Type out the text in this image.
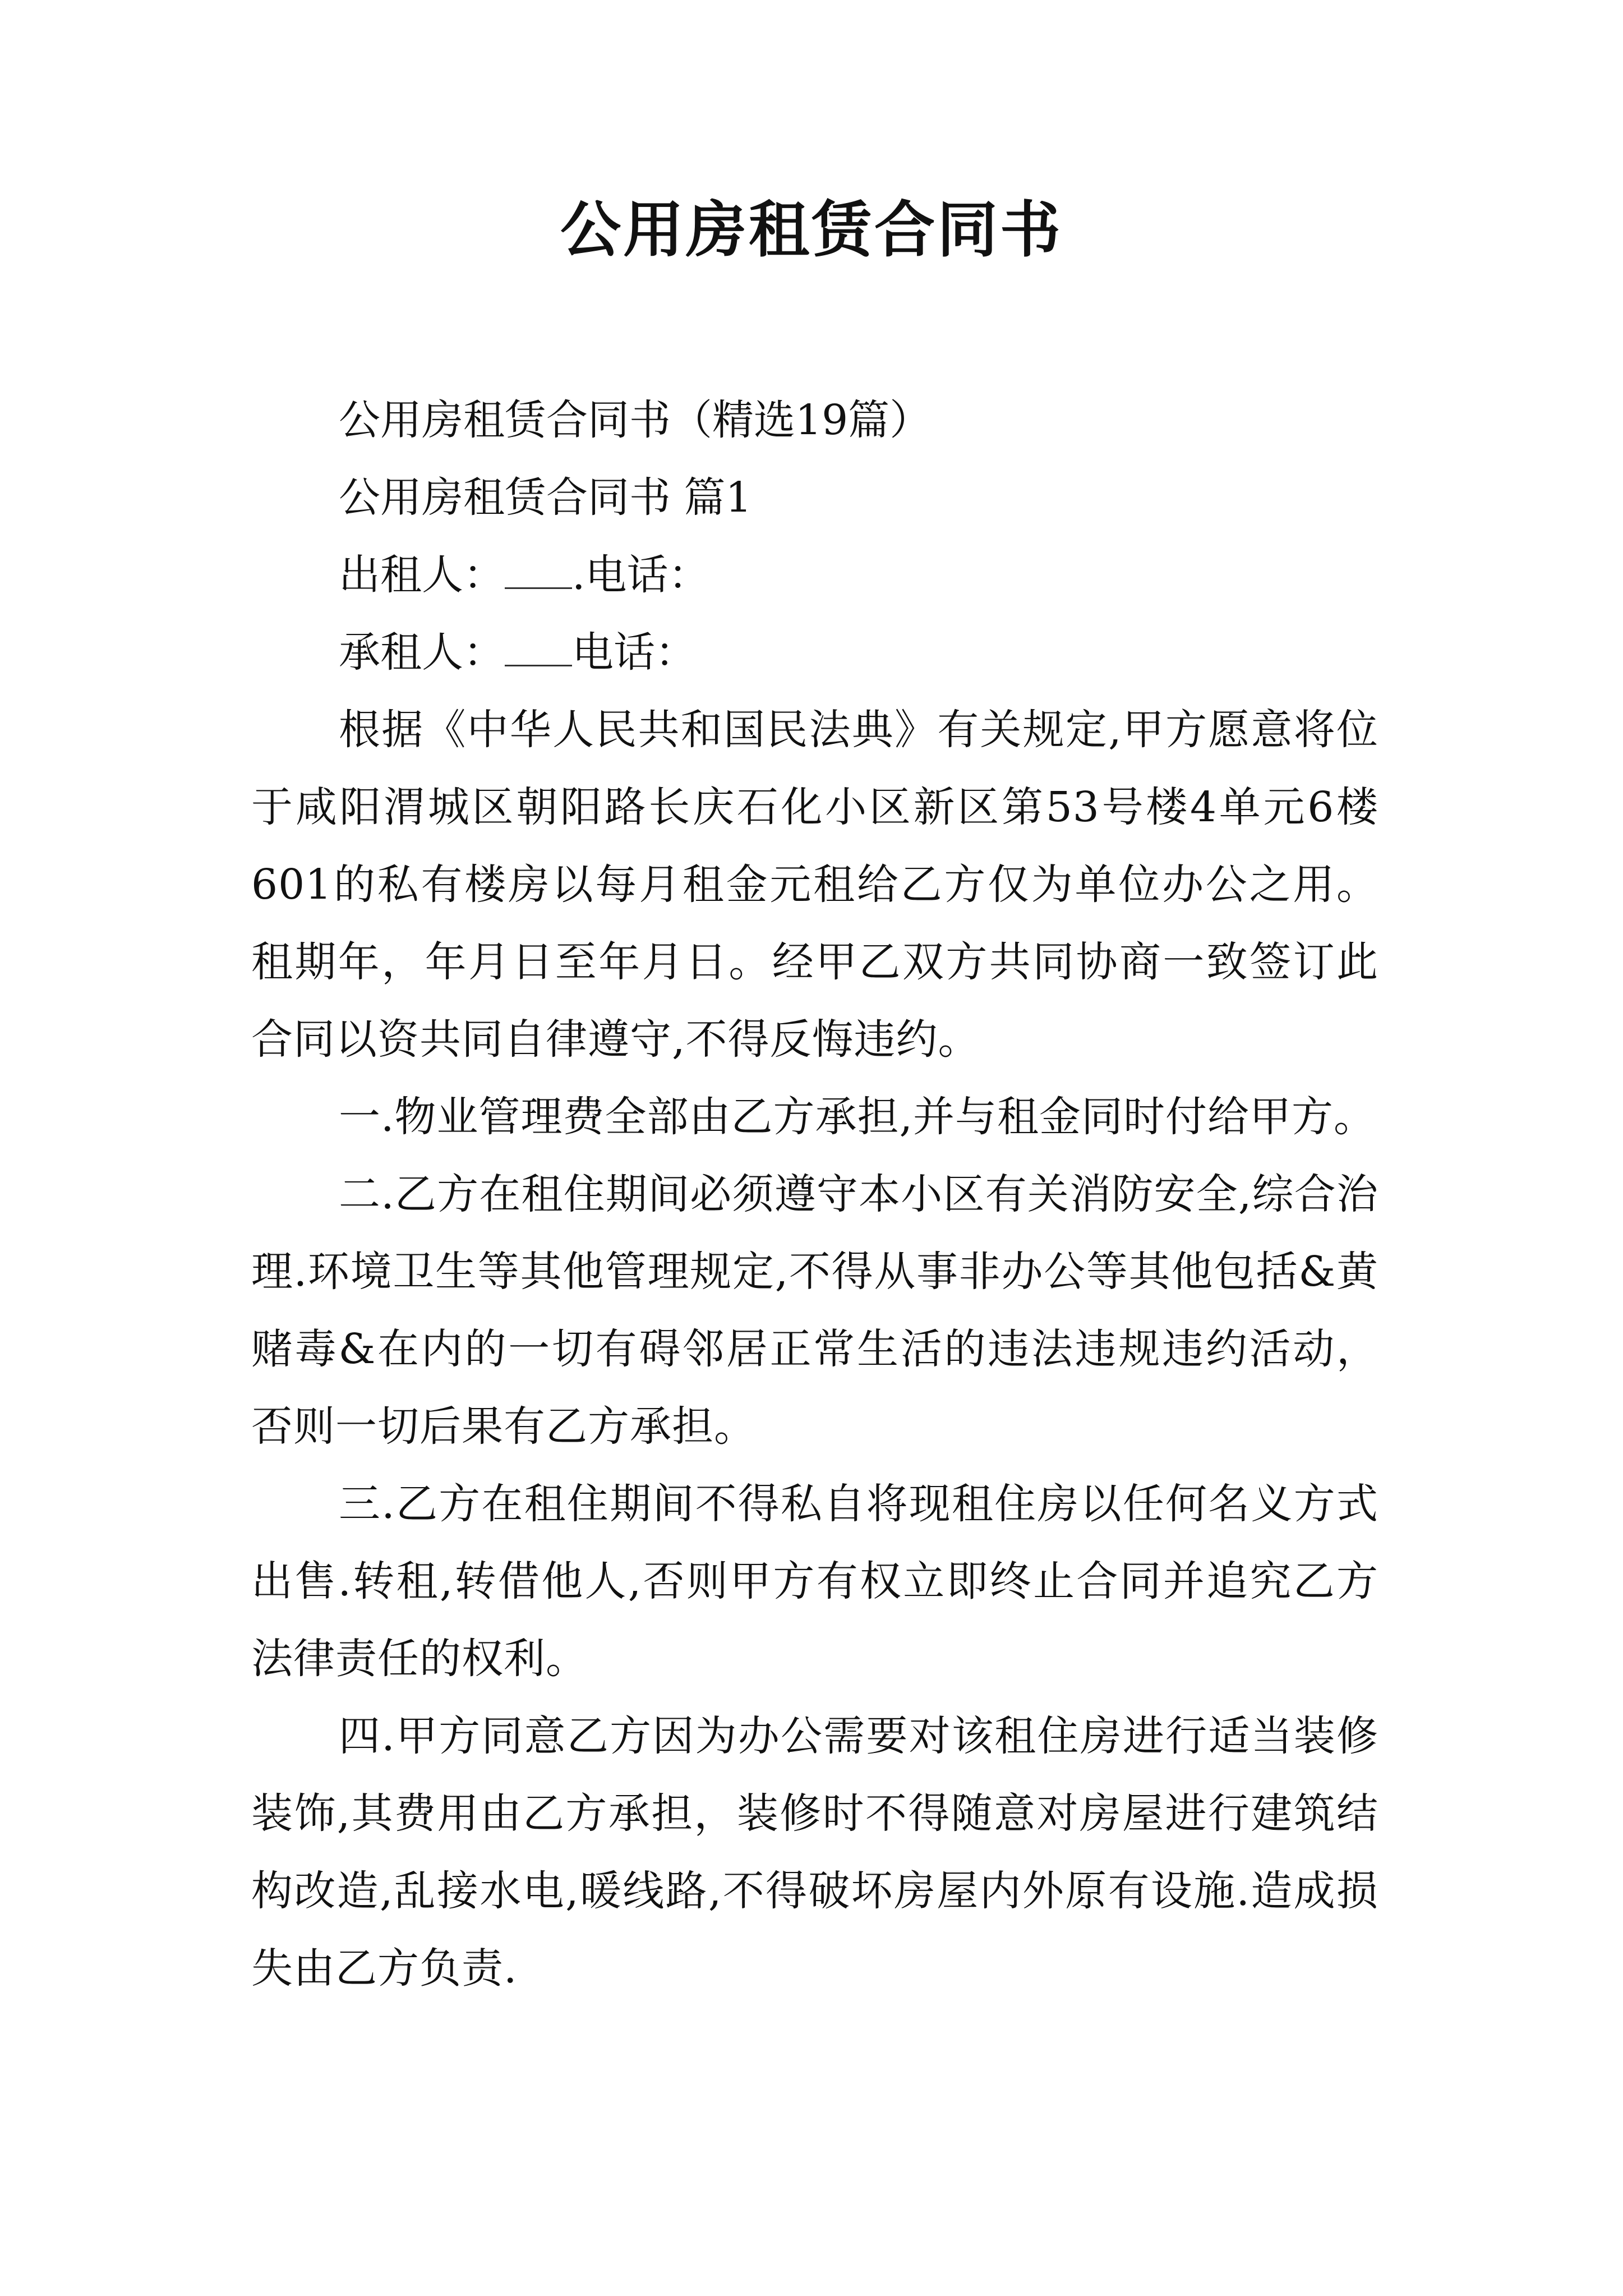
公用房租赁合同书

公用房租赁合同书（精选19篇）

公用房租赁合同书 篇1

出租人： .电话：

承租人： 电话：

根据《中华人民共和国民法典》有关规定,甲方愿意将位于咸阳渭城区朝阳路长庆石化小区新区第53号楼4单元6楼601的私有楼房以每月租金元租给乙方仅为单位办公之用。租期年，年月日至年月日。经甲乙双方共同协商一致签订此合同以资共同自律遵守,不得反悔违约。

一.物业管理费全部由乙方承担,并与租金同时付给甲方。

二.乙方在租住期间必须遵守本小区有关消防安全,综合治理.环境卫生等其他管理规定,不得从事非办公等其他包括&黄赌毒&在内的一切有碍邻居正常生活的违法违规违约活动，否则一切后果有乙方承担。

三.乙方在租住期间不得私自将现租住房以任何名义方式出售.转租,转借他人,否则甲方有权立即终止合同并追究乙方法律责任的权利。

四.甲方同意乙方因为办公需要对该租住房进行适当装修装饰,其费用由乙方承担，装修时不得随意对房屋进行建筑结构改造,乱接水电,暖线路,不得破坏房屋内外原有设施.造成损失由乙方负责.
